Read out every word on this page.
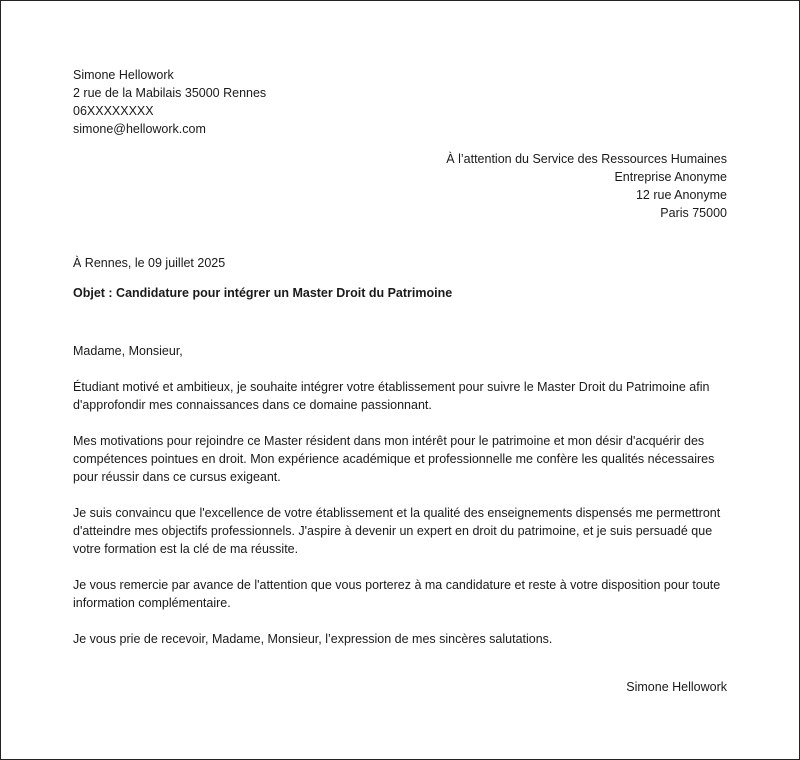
Simone Hellowork
2 rue de la Mabilais 35000 Rennes
06XXXXXXXX
simone@hellowork.com
À l’attention du Service des Ressources Humaines
Entreprise Anonyme
12 rue Anonyme
Paris 75000
À Rennes, le 09 juillet 2025
Objet : Candidature pour intégrer un Master Droit du Patrimoine

Madame, Monsieur,

Étudiant motivé et ambitieux, je souhaite intégrer votre établissement pour suivre le Master Droit du Patrimoine afin d'approfondir mes connaissances dans ce domaine passionnant.

Mes motivations pour rejoindre ce Master résident dans mon intérêt pour le patrimoine et mon désir d'acquérir des compétences pointues en droit. Mon expérience académique et professionnelle me confère les qualités nécessaires pour réussir dans ce cursus exigeant.

Je suis convaincu que l'excellence de votre établissement et la qualité des enseignements dispensés me permettront d'atteindre mes objectifs professionnels. J'aspire à devenir un expert en droit du patrimoine, et je suis persuadé que votre formation est la clé de ma réussite.

Je vous remercie par avance de l'attention que vous porterez à ma candidature et reste à votre disposition pour toute information complémentaire.

Je vous prie de recevoir, Madame, Monsieur, l’expression de mes sincères salutations.

Simone Hellowork
